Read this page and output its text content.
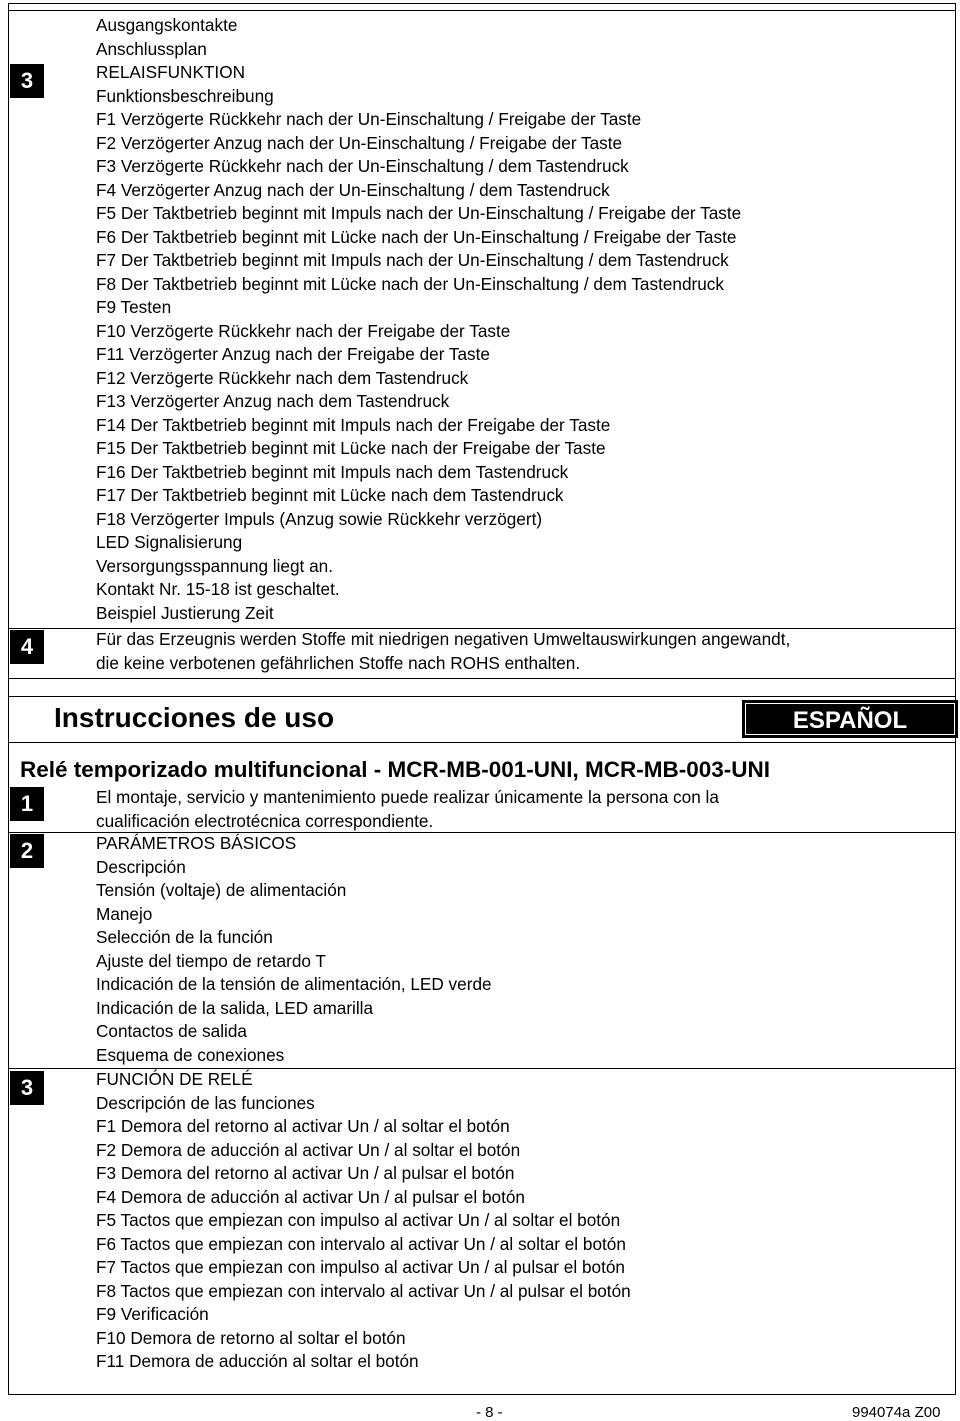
3
Ausgangskontakte
Anschlussplan
RELAISFUNKTION
Funktionsbeschreibung
F1 Verzögerte Rückkehr nach der Un-Einschaltung / Freigabe der Taste
F2 Verzögerter Anzug nach der Un-Einschaltung / Freigabe der Taste
F3 Verzögerte Rückkehr nach der Un-Einschaltung / dem Tastendruck
F4 Verzögerter Anzug nach der Un-Einschaltung / dem Tastendruck
F5 Der Taktbetrieb beginnt mit Impuls nach der Un-Einschaltung / Freigabe der Taste
F6 Der Taktbetrieb beginnt mit Lücke nach der Un-Einschaltung / Freigabe der Taste
F7 Der Taktbetrieb beginnt mit Impuls nach der Un-Einschaltung / dem Tastendruck
F8 Der Taktbetrieb beginnt mit Lücke nach der Un-Einschaltung / dem Tastendruck
F9 Testen
F10 Verzögerte Rückkehr nach der Freigabe der Taste
F11 Verzögerter Anzug nach der Freigabe der Taste
F12 Verzögerte Rückkehr nach dem Tastendruck
F13 Verzögerter Anzug nach dem Tastendruck
F14 Der Taktbetrieb beginnt mit Impuls nach der Freigabe der Taste
F15 Der Taktbetrieb beginnt mit Lücke nach der Freigabe der Taste
F16 Der Taktbetrieb beginnt mit Impuls nach dem Tastendruck
F17 Der Taktbetrieb beginnt mit Lücke nach dem Tastendruck
F18 Verzögerter Impuls (Anzug sowie Rückkehr verzögert)
LED Signalisierung
Versorgungsspannung liegt an.
Kontakt Nr. 15-18 ist geschaltet.
Beispiel Justierung Zeit
4	Für das Erzeugnis werden Stoffe mit niedrigen negativen Umweltauswirkungen angewandt,
die keine verbotenen gefährlichen Stoffe nach ROHS enthalten.
Instrucciones de uso	ESPAÑOL
Relé temporizado multifuncional - MCR-MB-001-UNI, MCR-MB-003-UNI
1	El montaje, servicio y mantenimiento puede realizar únicamente la persona con la
cualificación electrotécnica correspondiente.
2	PARÁMETROS BÁSICOS
Descripción
Tensión (voltaje) de alimentación
Manejo
Selección de la función
Ajuste del tiempo de retardo T
Indicación de la tensión de alimentación, LED verde
Indicación de la salida, LED amarilla
Contactos de salida
Esquema de conexiones
3	FUNCIÓN DE RELÉ
Descripción de las funciones
F1 Demora del retorno al activar Un / al soltar el botón
F2 Demora de aducción al activar Un / al soltar el botón
F3 Demora del retorno al activar Un / al pulsar el botón
F4 Demora de aducción al activar Un / al pulsar el botón
F5 Tactos que empiezan con impulso al activar Un / al soltar el botón
F6 Tactos que empiezan con intervalo al activar Un / al soltar el botón
F7 Tactos que empiezan con impulso al activar Un / al pulsar el botón
F8 Tactos que empiezan con intervalo al activar Un / al pulsar el botón
F9 Verificación
F10 Demora de retorno al soltar el botón
F11 Demora de aducción al soltar el botón
- 8 -	994074a Z00
